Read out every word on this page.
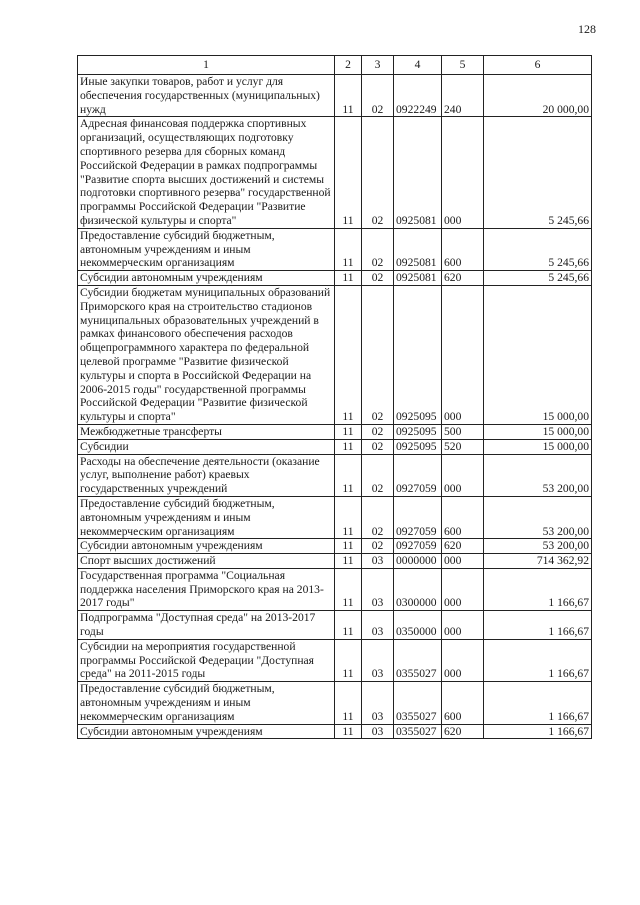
128
1	2	3	4	5	6
Иные закупки товаров, работ и услуг для обеспечения государственных (муниципальных) нужд	11	02	0922249	240	20 000,00
Адресная финансовая поддержка спортивных организаций, осуществляющих подготовку спортивного резерва для сборных команд Российской Федерации в рамках подпрограммы "Развитие спорта высших достижений и системы подготовки спортивного резерва" государственной программы Российской Федерации "Развитие физической культуры и спорта"	11	02	0925081	000	5 245,66
Предоставление субсидий бюджетным, автономным учреждениям и иным некоммерческим организациям	11	02	0925081	600	5 245,66
Субсидии автономным учреждениям	11	02	0925081	620	5 245,66
Субсидии бюджетам муниципальных образований Приморского края на строительство стадионов муниципальных образовательных учреждений в рамках финансового обеспечения расходов общепрограммного характера по федеральной целевой программе "Развитие физической культуры и спорта в Российской Федерации на 2006-2015 годы" государственной программы Российской Федерации "Развитие физической культуры и спорта"	11	02	0925095	000	15 000,00
Межбюджетные трансферты	11	02	0925095	500	15 000,00
Субсидии	11	02	0925095	520	15 000,00
Расходы на обеспечение деятельности (оказание услуг, выполнение работ) краевых государственных учреждений	11	02	0927059	000	53 200,00
Предоставление субсидий бюджетным, автономным учреждениям и иным некоммерческим организациям	11	02	0927059	600	53 200,00
Субсидии автономным учреждениям	11	02	0927059	620	53 200,00
Спорт высших достижений	11	03	0000000	000	714 362,92
Государственная программа "Социальная поддержка населения Приморского края на 2013-2017 годы"	11	03	0300000	000	1 166,67
Подпрограмма "Доступная среда" на 2013-2017 годы	11	03	0350000	000	1 166,67
Субсидии на мероприятия государственной программы Российской Федерации "Доступная среда" на 2011-2015 годы	11	03	0355027	000	1 166,67
Предоставление субсидий бюджетным, автономным учреждениям и иным некоммерческим организациям	11	03	0355027	600	1 166,67
Субсидии автономным учреждениям	11	03	0355027	620	1 166,67
